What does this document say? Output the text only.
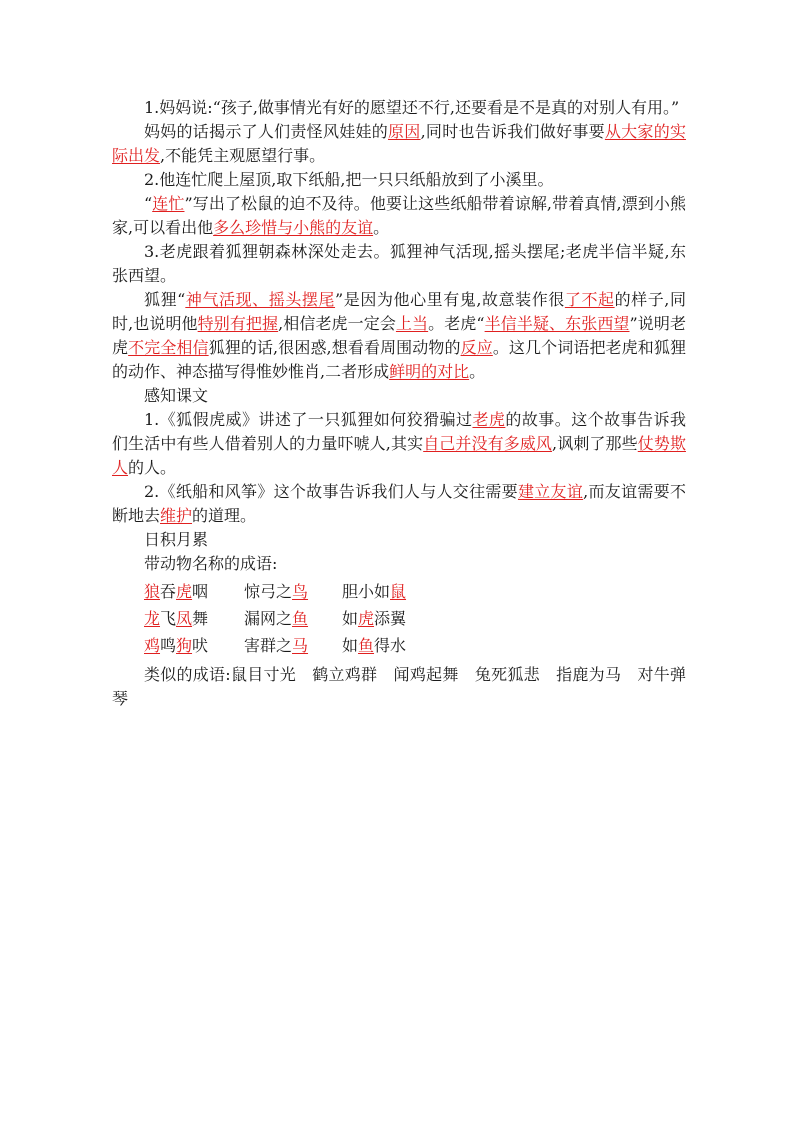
1.妈妈说:“孩子,做事情光有好的愿望还不行,还要看是不是真的对别人有用。”

妈妈的话揭示了人们责怪风娃娃的原因,同时也告诉我们做好事要从大家的实际出发,不能凭主观愿望行事。

2.他连忙爬上屋顶,取下纸船,把一只只纸船放到了小溪里。

“连忙”写出了松鼠的迫不及待。他要让这些纸船带着谅解,带着真情,漂到小熊家,可以看出他多么珍惜与小熊的友谊。

3.老虎跟着狐狸朝森林深处走去。狐狸神气活现,摇头摆尾;老虎半信半疑,东张西望。

狐狸“神气活现、摇头摆尾”是因为他心里有鬼,故意装作很了不起的样子,同时,也说明他特别有把握,相信老虎一定会上当。老虎“半信半疑、东张西望”说明老虎不完全相信狐狸的话,很困惑,想看看周围动物的反应。这几个词语把老虎和狐狸的动作、神态描写得惟妙惟肖,二者形成鲜明的对比。

感知课文

1.《狐假虎威》讲述了一只狐狸如何狡猾骗过老虎的故事。这个故事告诉我们生活中有些人借着别人的力量吓唬人,其实自己并没有多威风,讽刺了那些仗势欺人的人。

2.《纸船和风筝》这个故事告诉我们人与人交往需要建立友谊,而友谊需要不断地去维护的道理。

日积月累

带动物名称的成语:

狼吞虎咽	惊弓之鸟	胆小如鼠
龙飞凤舞	漏网之鱼	如虎添翼
鸡鸣狗吠	害群之马	如鱼得水

类似的成语:鼠目寸光　鹤立鸡群　闻鸡起舞　兔死狐悲　指鹿为马　对牛弹琴
